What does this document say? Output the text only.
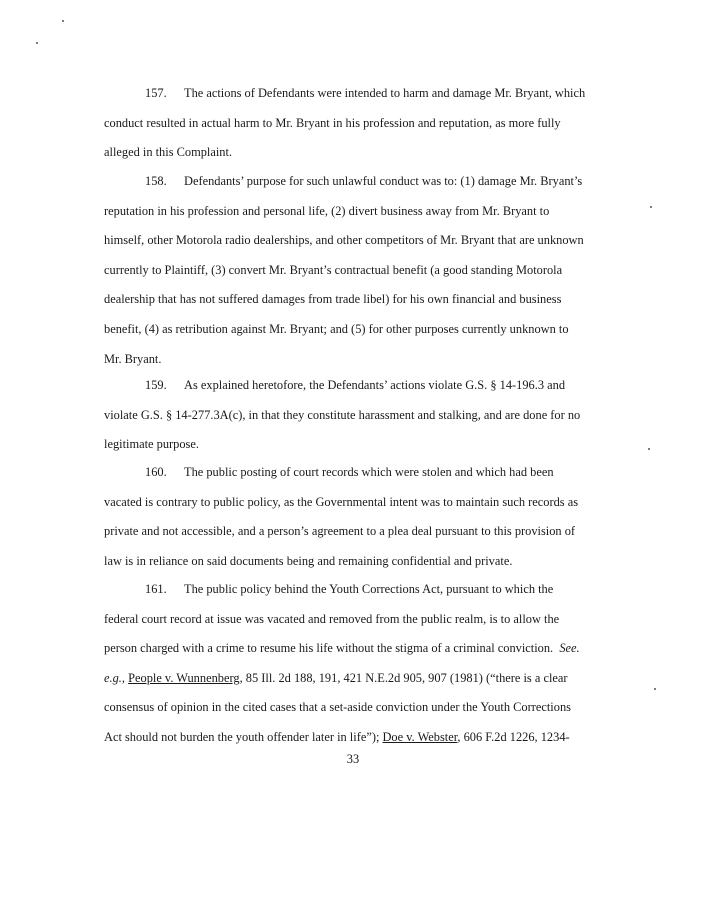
157. The actions of Defendants were intended to harm and damage Mr. Bryant, which
conduct resulted in actual harm to Mr. Bryant in his profession and reputation, as more fully
alleged in this Complaint.
158. Defendants’ purpose for such unlawful conduct was to: (1) damage Mr. Bryant’s
reputation in his profession and personal life, (2) divert business away from Mr. Bryant to
himself, other Motorola radio dealerships, and other competitors of Mr. Bryant that are unknown
currently to Plaintiff, (3) convert Mr. Bryant’s contractual benefit (a good standing Motorola
dealership that has not suffered damages from trade libel) for his own financial and business
benefit, (4) as retribution against Mr. Bryant; and (5) for other purposes currently unknown to
Mr. Bryant.
159. As explained heretofore, the Defendants’ actions violate G.S. § 14-196.3 and
violate G.S. § 14-277.3A(c), in that they constitute harassment and stalking, and are done for no
legitimate purpose.
160. The public posting of court records which were stolen and which had been
vacated is contrary to public policy, as the Governmental intent was to maintain such records as
private and not accessible, and a person’s agreement to a plea deal pursuant to this provision of
law is in reliance on said documents being and remaining confidential and private.
161. The public policy behind the Youth Corrections Act, pursuant to which the
federal court record at issue was vacated and removed from the public realm, is to allow the
person charged with a crime to resume his life without the stigma of a criminal conviction. See.
e.g., People v. Wunnenberg, 85 Ill. 2d 188, 191, 421 N.E.2d 905, 907 (1981) (“there is a clear
consensus of opinion in the cited cases that a set-aside conviction under the Youth Corrections
Act should not burden the youth offender later in life”); Doe v. Webster, 606 F.2d 1226, 1234-
33
